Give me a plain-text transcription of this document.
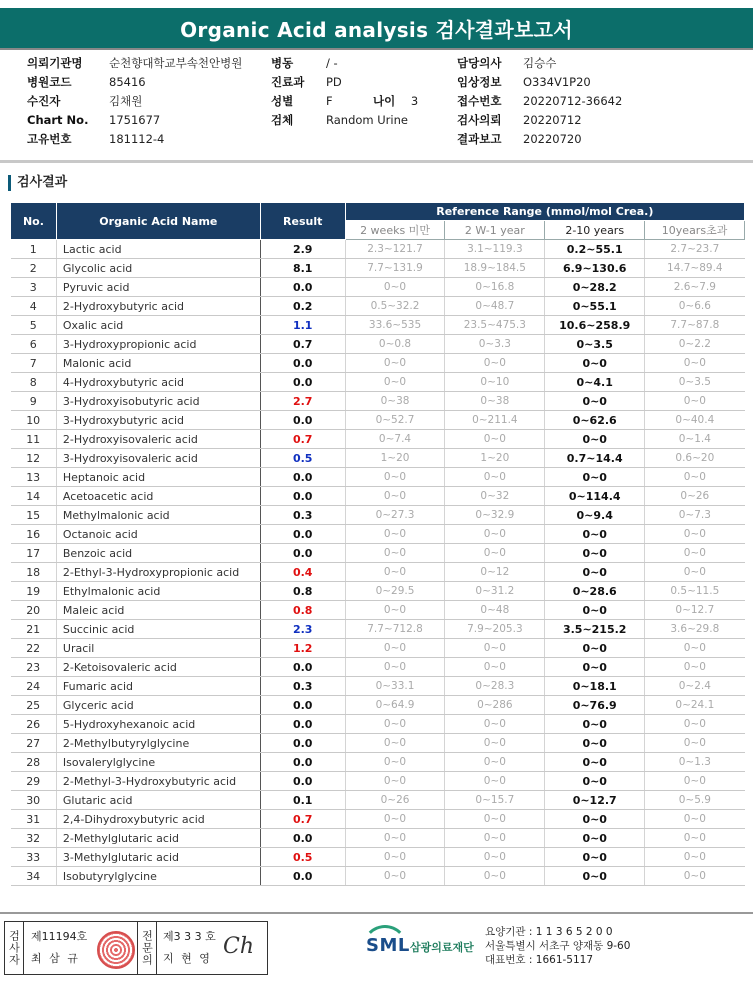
Organic Acid analysis 검사결과보고서
의뢰기관명 순천향대학교부속천안병원
병원코드	85416
수진자	김채원
Chart No. 1751677
고유번호	181112-4
병동	/ -
진료과 PD
성별	F
검체	Random Urine
나이 3
담당의사 김승수
임상정보 O334V1P20
접수번호 20220712-36642
검사의뢰 20220712
결과보고 20220720
검사결과
No.	Organic Acid Name	Result	Reference Range (mmol/mol Crea.)			
			2 weeks 미만	2 W-1 year	2-10 years	10years초과
1	Lactic acid	2.9	2.3~121.7	3.1~119.3	0.2~55.1	2.7~23.7
2	Glycolic acid	8.1	7.7~131.9	18.9~184.5	6.9~130.6	14.7~89.4
3	Pyruvic acid	0.0	0~0	0~16.8	0~28.2	2.6~7.9
4	2-Hydroxybutyric acid	0.2	0.5~32.2	0~48.7	0~55.1	0~6.6
5	Oxalic acid	1.1	33.6~535	23.5~475.3	10.6~258.9	7.7~87.8
6	3-Hydroxypropionic acid	0.7	0~0.8	0~3.3	0~3.5	0~2.2
7	Malonic acid	0.0	0~0	0~0	0~0	0~0
8	4-Hydroxybutyric acid	0.0	0~0	0~10	0~4.1	0~3.5
9	3-Hydroxyisobutyric acid	2.7	0~38	0~38	0~0	0~0
10	3-Hydroxybutyric acid	0.0	0~52.7	0~211.4	0~62.6	0~40.4
11	2-Hydroxyisovaleric acid	0.7	0~7.4	0~0	0~0	0~1.4
12	3-Hydroxyisovaleric acid	0.5	1~20	1~20	0.7~14.4	0.6~20
13	Heptanoic acid	0.0	0~0	0~0	0~0	0~0
14	Acetoacetic acid	0.0	0~0	0~32	0~114.4	0~26
15	Methylmalonic acid	0.3	0~27.3	0~32.9	0~9.4	0~7.3
16	Octanoic acid	0.0	0~0	0~0	0~0	0~0
17	Benzoic acid	0.0	0~0	0~0	0~0	0~0
18	2-Ethyl-3-Hydroxypropionic acid	0.4	0~0	0~12	0~0	0~0
19	Ethylmalonic acid	0.8	0~29.5	0~31.2	0~28.6	0.5~11.5
20	Maleic acid	0.8	0~0	0~48	0~0	0~12.7
21	Succinic acid	2.3	7.7~712.8	7.9~205.3	3.5~215.2	3.6~29.8
22	Uracil	1.2	0~0	0~0	0~0	0~0
23	2-Ketoisovaleric acid	0.0	0~0	0~0	0~0	0~0
24	Fumaric acid	0.3	0~33.1	0~28.3	0~18.1	0~2.4
25	Glyceric acid	0.0	0~64.9	0~286	0~76.9	0~24.1
26	5-Hydroxyhexanoic acid	0.0	0~0	0~0	0~0	0~0
27	2-Methylbutyrylglycine	0.0	0~0	0~0	0~0	0~0
28	Isovalerylglycine	0.0	0~0	0~0	0~0	0~1.3
29	2-Methyl-3-Hydroxybutyric acid	0.0	0~0	0~0	0~0	0~0
30	Glutaric acid	0.1	0~26	0~15.7	0~12.7	0~5.9
31	2,4-Dihydroxybutyric acid	0.7	0~0	0~0	0~0	0~0
32	2-Methylglutaric acid	0.0	0~0	0~0	0~0	0~0
33	3-Methylglutaric acid	0.5	0~0	0~0	0~0	0~0
34	Isobutyrylglycine	0.0	0~0	0~0	0~0	0~0
검사자 제11194호
최 삼 규	전문의 제3 3 3 호
지 현 영 Ch	SML 삼광의료재단
요양기관 : 1 1 3 6 5 2 0 0
서울특별시 서초구 양재동 9-60
대표번호 : 1661-5117
